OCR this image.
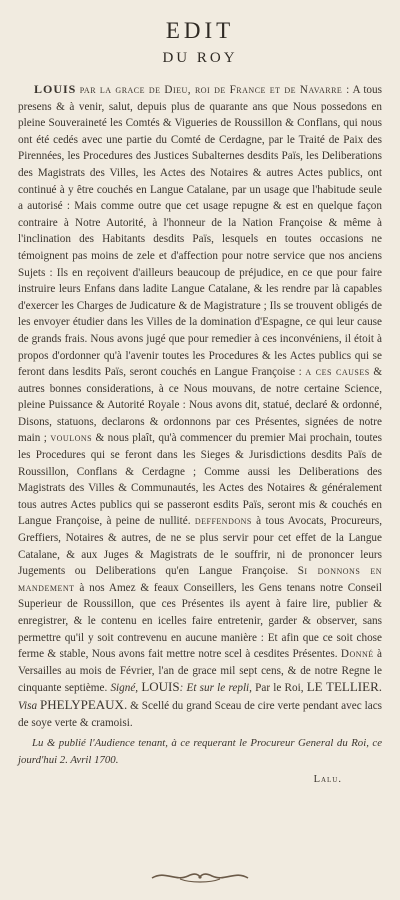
EDIT
DU ROY

LOUIS par la grace de Dieu, roi de France et de Navarre : A tous presens & à venir, salut, depuis plus de quarante ans que Nous possedons en pleine Souveraineté les Comtés & Vigueries de Roussillon & Conflans, qui nous ont été cedés avec une partie du Comté de Cerdagne, par le Traité de Paix des Pirennées, les Procedures des Justices Subalternes desdits Païs, les Deliberations des Magistrats des Villes, les Actes des Notaires & autres Actes publics, ont continué à y être couchés en Langue Catalane, par un usage que l'habitude seule a autorisé : Mais comme outre que cet usage repugne & est en quelque façon contraire à Notre Autorité, à l'honneur de la Nation Françoise & même à l'inclination des Habitants desdits Païs, lesquels en toutes occasions ne témoignent pas moins de zele et d'affection pour notre service que nos anciens Sujets : Ils en reçoivent d'ailleurs beaucoup de préjudice, en ce que pour faire instruire leurs Enfans dans ladite Langue Catalane, & les rendre par là capables d'exercer les Charges de Judicature & de Magistrature ; Ils se trouvent obligés de les envoyer étudier dans les Villes de la domination d'Espagne, ce qui leur cause de grands frais. Nous avons jugé que pour remedier à ces inconvéniens, il étoit à propos d'ordonner qu'à l'avenir toutes les Procedures & les Actes publics qui se feront dans lesdits Païs, seront couchés en Langue Françoise : a ces causes & autres bonnes considerations, à ce Nous mouvans, de notre certaine Science, pleine Puissance & Autorité Royale : Nous avons dit, statué, declaré & ordonné, Disons, statuons, declarons & ordonnons par ces Présentes, signées de notre main ; voulons & nous plaît, qu'à commencer du premier Mai prochain, toutes les Procedures qui se feront dans les Sieges & Jurisdictions desdits Païs de Roussillon, Conflans & Cerdagne ; Comme aussi les Deliberations des Magistrats des Villes & Communautés, les Actes des Notaires & généralement tous autres Actes publics qui se passeront esdits Païs, seront mis & couchés en Langue Françoise, à peine de nullité. deffendons à tous Avocats, Procureurs, Greffiers, Notaires & autres, de ne se plus servir pour cet effet de la Langue Catalane, & aux Juges & Magistrats de le souffrir, ni de prononcer leurs Jugements ou Deliberations qu'en Langue Françoise. Si donnons en mandement à nos Amez & feaux Conseillers, les Gens tenans notre Conseil Superieur de Roussillon, que ces Présentes ils ayent à faire lire, publier & enregistrer, & le contenu en icelles faire entretenir, garder & observer, sans permettre qu'il y soit contrevenu en aucune manière : Et afin que ce soit chose ferme & stable, Nous avons fait mettre notre scel à cesdites Présentes. Donné à Versailles au mois de Février, l'an de grace mil sept cens, & de notre Regne le cinquante septième. Signé, LOUIS: Et sur le repli, Par le Roi, LE TELLIER. Visa PHELYPEAUX. & Scellé du grand Sceau de cire verte pendant avec lacs de soye verte & cramoisi.

Lu & publié l'Audience tenant, à ce requerant le Procureur General du Roi, ce jourd'hui 2. Avril 1700.

Lalu.
